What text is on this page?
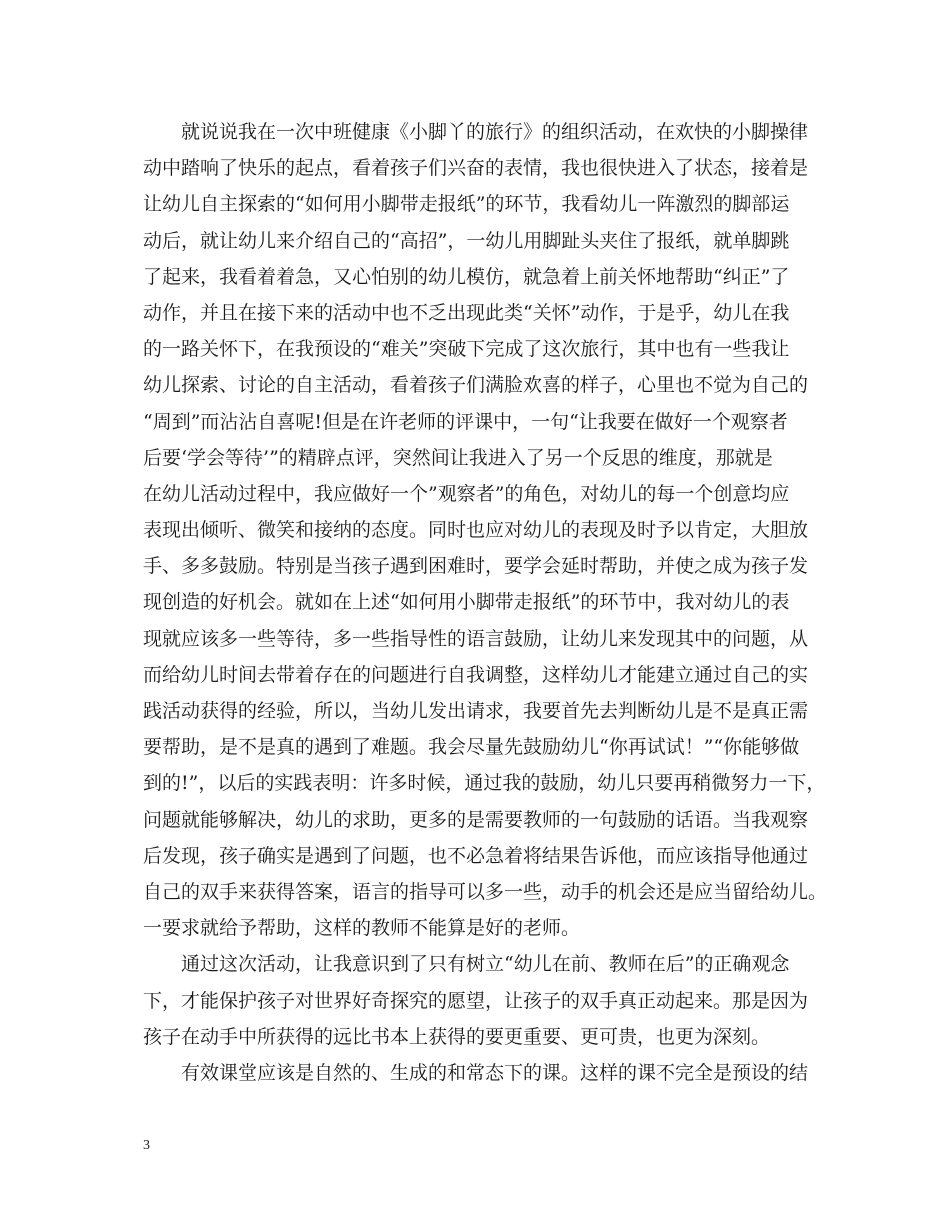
就说说我在一次中班健康《小脚丫的旅行》的组织活动，在欢快的小脚操律
动中踏响了快乐的起点，看着孩子们兴奋的表情，我也很快进入了状态，接着是
让幼儿自主探索的“如何用小脚带走报纸”的环节，我看幼儿一阵激烈的脚部运
动后，就让幼儿来介绍自己的“高招”，一幼儿用脚趾头夹住了报纸，就单脚跳
了起来，我看着着急，又心怕别的幼儿模仿，就急着上前关怀地帮助“纠正”了
动作，并且在接下来的活动中也不乏出现此类“关怀”动作，于是乎，幼儿在我
的一路关怀下，在我预设的“难关”突破下完成了这次旅行，其中也有一些我让
幼儿探索、讨论的自主活动，看着孩子们满脸欢喜的样子，心里也不觉为自己的
“周到”而沾沾自喜呢!但是在许老师的评课中，一句“让我要在做好一个观察者
后要‘学会等待’”的精辟点评，突然间让我进入了另一个反思的维度，那就是
在幼儿活动过程中，我应做好一个”观察者”的角色，对幼儿的每一个创意均应
表现出倾听、微笑和接纳的态度。同时也应对幼儿的表现及时予以肯定，大胆放
手、多多鼓励。特别是当孩子遇到困难时，要学会延时帮助，并使之成为孩子发
现创造的好机会。就如在上述“如何用小脚带走报纸”的环节中，我对幼儿的表
现就应该多一些等待，多一些指导性的语言鼓励，让幼儿来发现其中的问题，从
而给幼儿时间去带着存在的问题进行自我调整，这样幼儿才能建立通过自己的实
践活动获得的经验，所以，当幼儿发出请求，我要首先去判断幼儿是不是真正需
要帮助，是不是真的遇到了难题。我会尽量先鼓励幼儿“你再试试！”“你能够做
到的!”，以后的实践表明：许多时候，通过我的鼓励，幼儿只要再稍微努力一下，
问题就能够解决，幼儿的求助，更多的是需要教师的一句鼓励的话语。当我观察
后发现，孩子确实是遇到了问题，也不必急着将结果告诉他，而应该指导他通过
自己的双手来获得答案，语言的指导可以多一些，动手的机会还是应当留给幼儿。
一要求就给予帮助，这样的教师不能算是好的老师。
通过这次活动，让我意识到了只有树立“幼儿在前、教师在后”的正确观念
下，才能保护孩子对世界好奇探究的愿望，让孩子的双手真正动起来。那是因为
孩子在动手中所获得的远比书本上获得的要更重要、更可贵，也更为深刻。
有效课堂应该是自然的、生成的和常态下的课。这样的课不完全是预设的结
3
